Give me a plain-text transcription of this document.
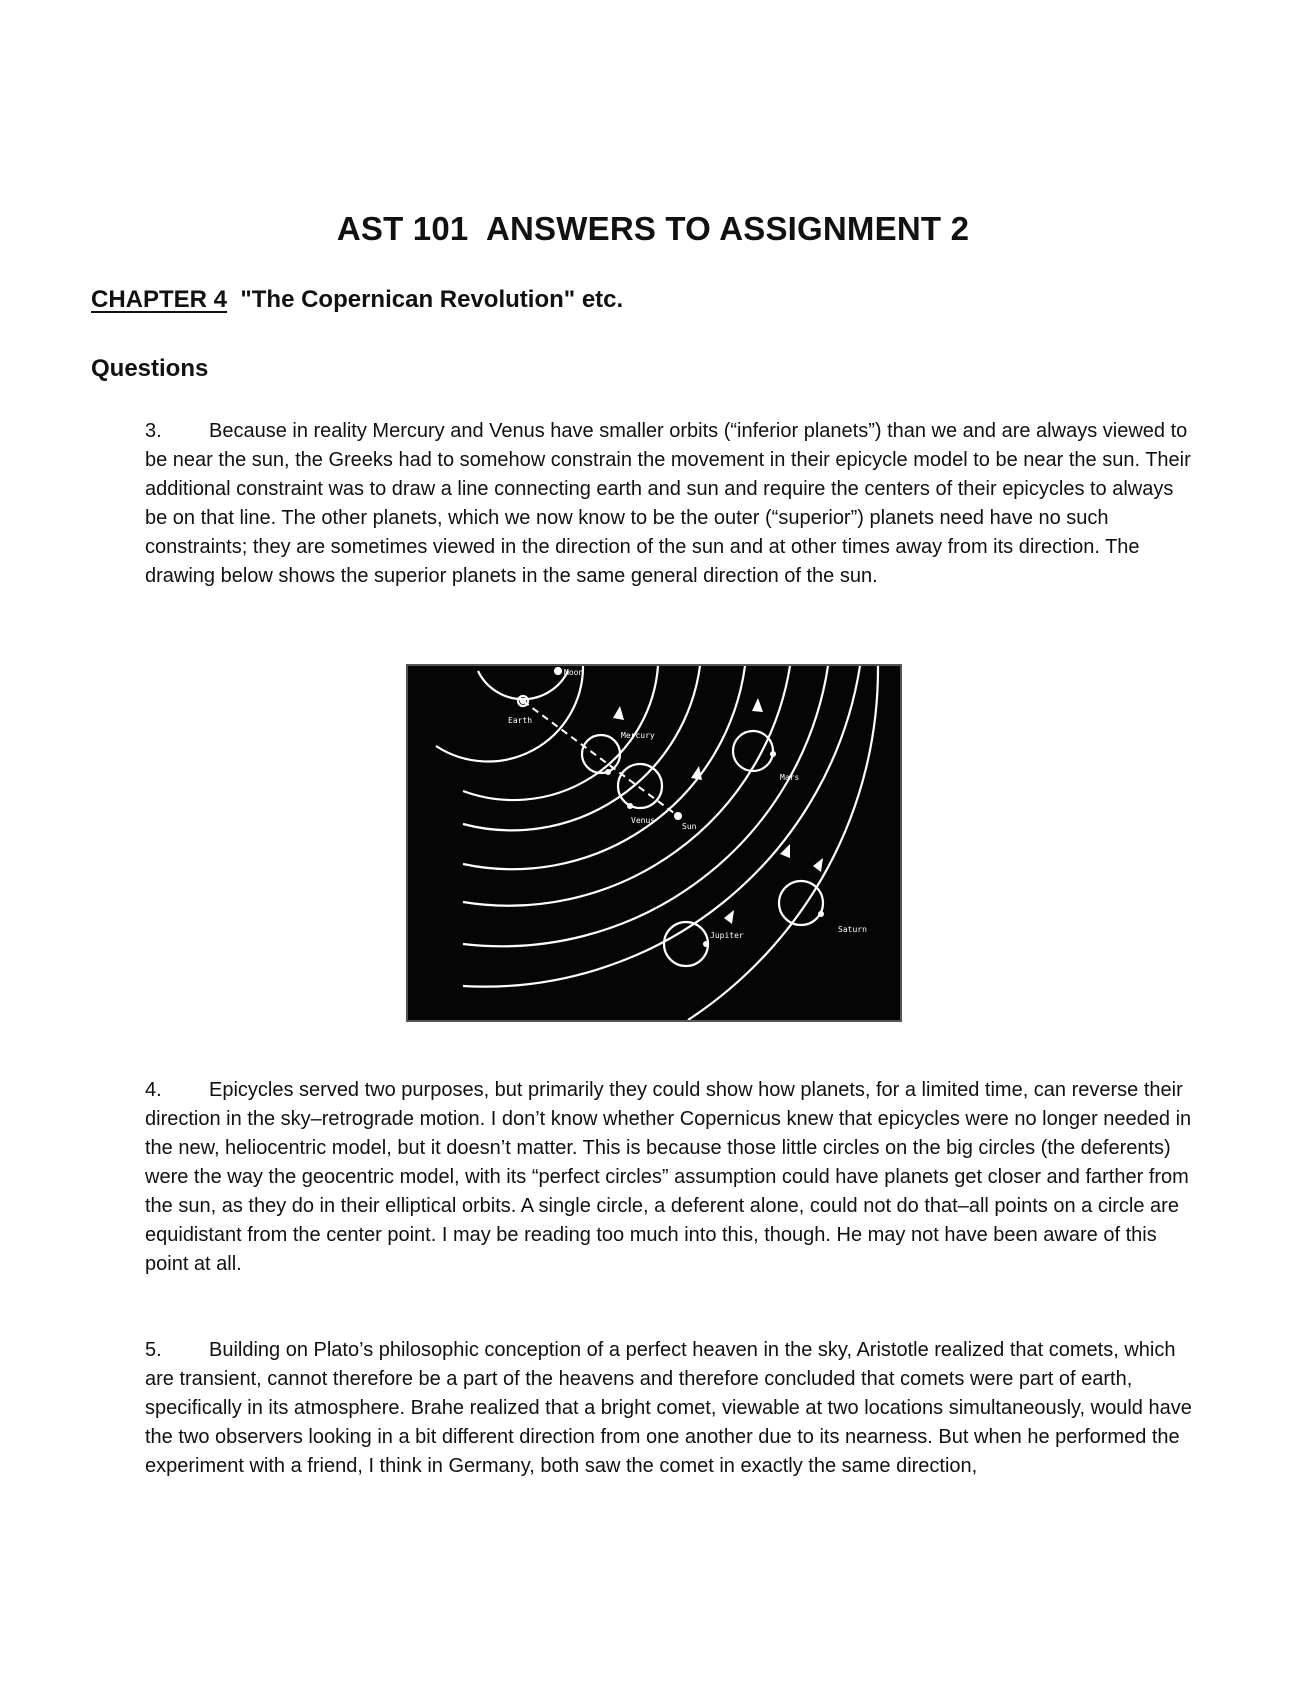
AST 101  ANSWERS TO ASSIGNMENT 2
CHAPTER 4 "The Copernican Revolution" etc.
Questions

3. Because in reality Mercury and Venus have smaller orbits (“inferior planets”) than we and are always viewed to be near the sun, the Greeks had to somehow constrain the movement in their epicycle model to be near the sun. Their additional constraint was to draw a line connecting earth and sun and require the centers of their epicycles to always be on that line. The other planets, which we now know to be the outer (“superior”) planets need have no such constraints; they are sometimes viewed in the direction of the sun and at other times away from its direction. The drawing below shows the superior planets in the same general direction of the sun.

Moon
Earth
Mercury
Venus
Sun
Mars
Jupiter
Saturn

4. Epicycles served two purposes, but primarily they could show how planets, for a limited time, can reverse their direction in the sky–retrograde motion. I don’t know whether Copernicus knew that epicycles were no longer needed in the new, heliocentric model, but it doesn’t matter. This is because those little circles on the big circles (the deferents) were the way the geocentric model, with its “perfect circles” assumption could have planets get closer and farther from the sun, as they do in their elliptical orbits. A single circle, a deferent alone, could not do that–all points on a circle are equidistant from the center point. I may be reading too much into this, though. He may not have been aware of this point at all.

5. Building on Plato’s philosophic conception of a perfect heaven in the sky, Aristotle realized that comets, which are transient, cannot therefore be a part of the heavens and therefore concluded that comets were part of earth, specifically in its atmosphere. Brahe realized that a bright comet, viewable at two locations simultaneously, would have the two observers looking in a bit different direction from one another due to its nearness. But when he performed the experiment with a friend, I think in Germany, both saw the comet in exactly the same direction,
